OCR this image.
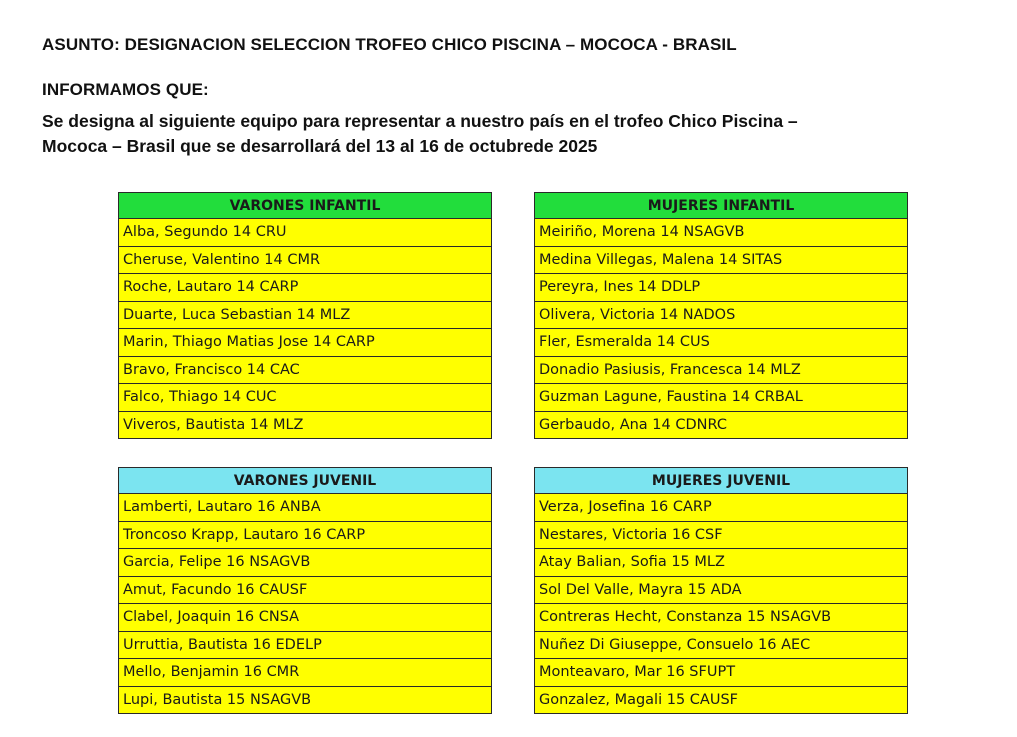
ASUNTO: DESIGNACION SELECCION TROFEO CHICO PISCINA – MOCOCA - BRASIL

INFORMAMOS QUE:

Se designa al siguiente equipo para representar a nuestro país en el trofeo Chico Piscina –

Mococa – Brasil que se desarrollará del 13 al 16 de octubrede 2025

VARONES INFANTIL
Alba, Segundo 14 CRU
Cheruse, Valentino 14 CMR
Roche, Lautaro 14 CARP
Duarte, Luca Sebastian 14 MLZ
Marin, Thiago Matias Jose 14 CARP
Bravo, Francisco 14 CAC
Falco, Thiago 14 CUC
Viveros, Bautista 14 MLZ
MUJERES INFANTIL
Meiriño, Morena 14 NSAGVB
Medina Villegas, Malena 14 SITAS
Pereyra, Ines 14 DDLP
Olivera, Victoria 14 NADOS
Fler, Esmeralda 14 CUS
Donadio Pasiusis, Francesca 14 MLZ
Guzman Lagune, Faustina 14 CRBAL
Gerbaudo, Ana 14 CDNRC
VARONES JUVENIL
Lamberti, Lautaro 16 ANBA
Troncoso Krapp, Lautaro 16 CARP
Garcia, Felipe 16 NSAGVB
Amut, Facundo 16 CAUSF
Clabel, Joaquin 16 CNSA
Urruttia, Bautista 16 EDELP
Mello, Benjamin 16 CMR
Lupi, Bautista 15 NSAGVB
MUJERES JUVENIL
Verza, Josefina 16 CARP
Nestares, Victoria 16 CSF
Atay Balian, Sofia 15 MLZ
Sol Del Valle, Mayra 15 ADA
Contreras Hecht, Constanza 15 NSAGVB
Nuñez Di Giuseppe, Consuelo 16 AEC
Monteavaro, Mar 16 SFUPT
Gonzalez, Magali 15 CAUSF
